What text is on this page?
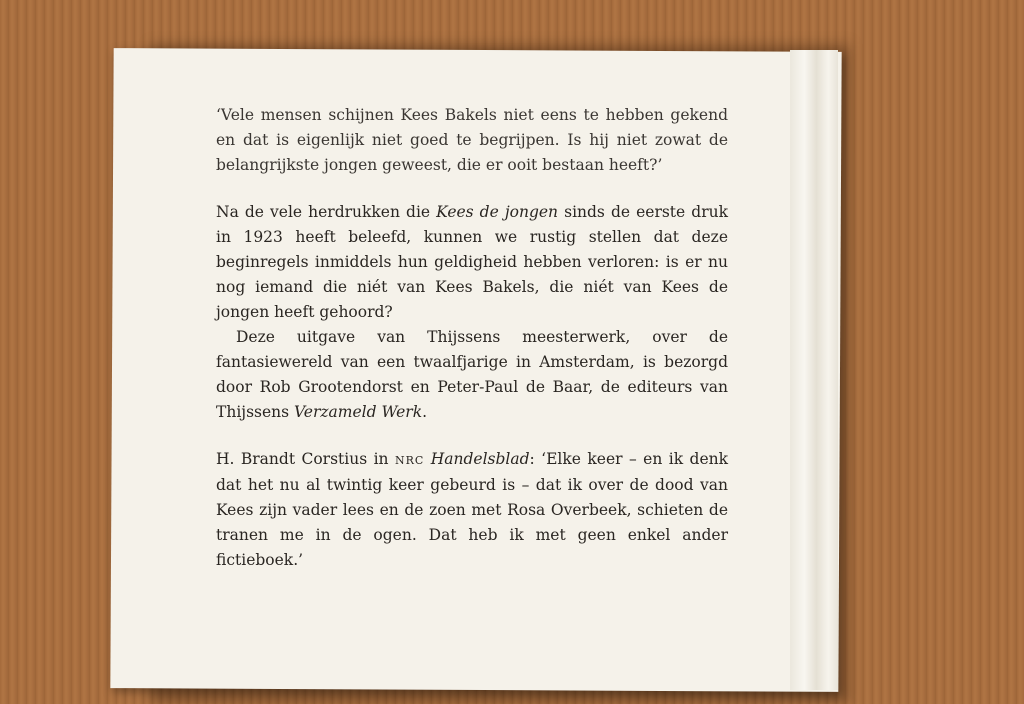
‘Vele mensen schijnen Kees Bakels niet eens te hebben gekend en dat is eigenlijk niet goed te begrijpen. Is hij niet zowat de belangrijkste jongen geweest, die er ooit bestaan heeft?’

Na de vele herdrukken die Kees de jongen sinds de eerste druk in 1923 heeft beleefd, kunnen we rustig stellen dat deze beginregels inmiddels hun geldigheid hebben verloren: is er nu nog iemand die niét van Kees Bakels, die niét van Kees de jongen heeft gehoord?

Deze uitgave van Thijssens meesterwerk, over de fantasiewereld van een twaalfjarige in Amsterdam, is bezorgd door Rob Grootendorst en Peter-Paul de Baar, de editeurs van Thijssens Verzameld Werk.

H. Brandt Corstius in NRC Handelsblad: ‘Elke keer – en ik denk dat het nu al twintig keer gebeurd is – dat ik over de dood van Kees zijn vader lees en de zoen met Rosa Overbeek, schieten de tranen me in de ogen. Dat heb ik met geen enkel ander fictieboek.’
